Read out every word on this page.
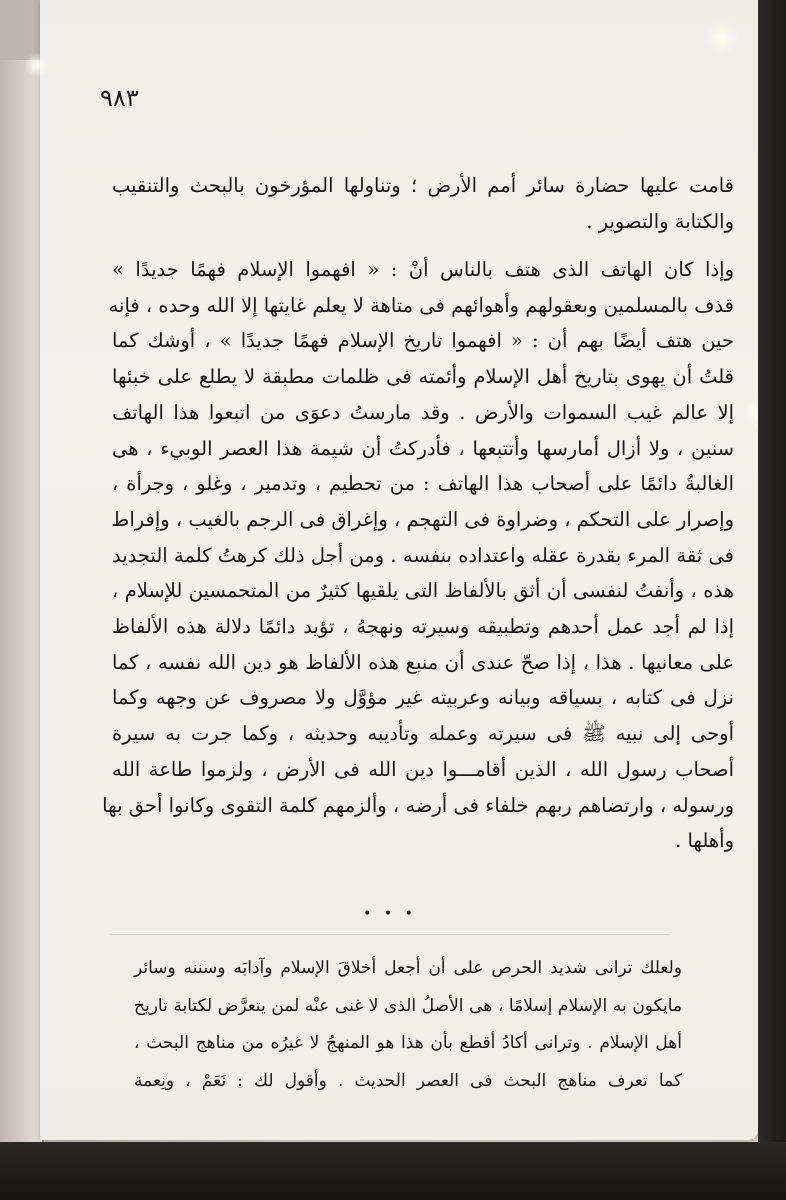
٩٨٣
قامت عليها حضارة سائر أمم الأرض ؛ وتناولها المؤرخون بالبحث والتنقيب
والكتابة والتصوير .
وإذا كان الهاتف الذى هتف بالناس أنْ : « افهموا الإسلام فهمًا جديدًا »
قذف بالمسلمين وبعقولهم وأهوائهم فى متاهة لا يعلم غايتها إلا الله وحده ، فإنه
حين هتف أيضًا بهم أن : « افهموا تاريخ الإسلام فهمًا جديدًا » ، أوشك كما
قلتُ أن يهوى بتاريخ أهل الإسلام وأئمته فى ظلمات مطبقة لا يطلع على خبئها
إلا عالم غيب السموات والأرض . وقد مارستُ دعوَى من اتبعوا هذا الهاتف
سنين ، ولا أزال أمارسها وأتتبعها ، فأدركتُ أن شيمة هذا العصر الوبيء ، هى
الغالبةُ دائمًا على أصحاب هذا الهاتف : من تحطيم ، وتدمير ، وغلو ، وجرأة ،
وإصرار على التحكم ، وضراوة فى التهجم ، وإغراق فى الرجم بالغيب ، وإفراط
فى ثقة المرء بقدرة عقله واعتداده بنفسه . ومن أجل ذلك كرهتُ كلمة التجديد
هذه ، وأنفتُ لنفسى أن أثق بالألفاظ التى يلقيها كثيرٌ من المتحمسين للإسلام ،
إذا لم أجد عمل أحدهم وتطبيقه وسيرته ونهجهُ ، تؤيد دائمًا دلالة هذه الألفاظ
على معانيها . هذا ، إذا صحّ عندى أن منبع هذه الألفاظ هو دين الله نفسه ، كما
نزل فى كتابه ، بسياقه وبيانه وعربيته غير مؤوَّل ولا مصروف عن وجهه وكما
أوحى إلى نبيه ﷺ فى سيرته وعمله وتأديبه وحديثه ، وكما جرت به سيرة
أصحاب رسول الله ، الذين أقامـــوا دين الله فى الأرض ، ولزموا طاعة الله
ورسوله ، وارتضاهم ربهم خلفاء فى أرضه ، وألزمهم كلمة التقوى وكانوا أحق بها
وأهلها .
• • •
ولعلك ترانى شديد الحرص على أن أجعل أخلاقَ الإسلام وآدابَه وسننه وسائر
مايكون به الإسلام إسلامًا ، هى الأصلُ الذى لا غنى عنْه لمن يتعرَّض لكتابة تاريخ
أهل الإسلام . وترانى أكادُ أقطع بأن هذا هو المنهجُ لا غيرُه من مناهج البحث ،
كما تعرف مناهج البحث فى العصر الحديث . وأقول لك : نَعَمْ ، ونِعمة
